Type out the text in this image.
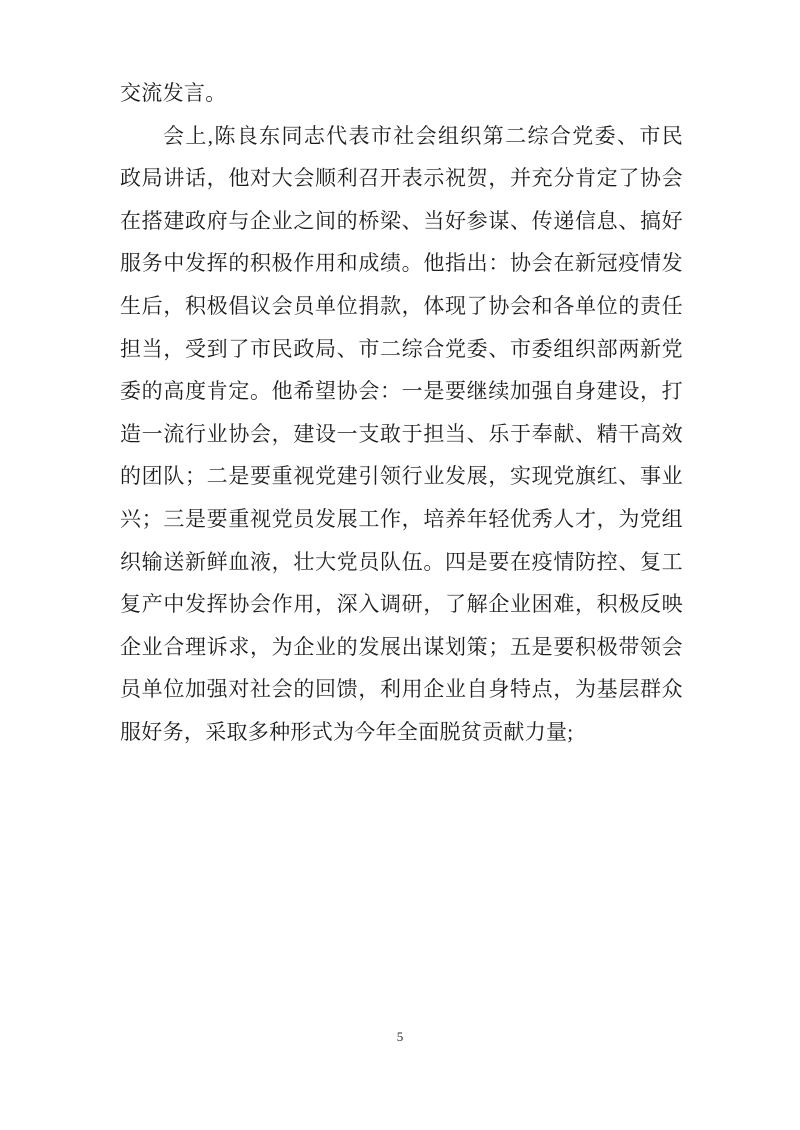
交流发言。
会上,陈良东同志代表市社会组织第二综合党委、市民
政局讲话，他对大会顺利召开表示祝贺，并充分肯定了协会
在搭建政府与企业之间的桥梁、当好参谋、传递信息、搞好
服务中发挥的积极作用和成绩。他指出：协会在新冠疫情发
生后，积极倡议会员单位捐款，体现了协会和各单位的责任
担当，受到了市民政局、市二综合党委、市委组织部两新党
委的高度肯定。他希望协会：一是要继续加强自身建设，打
造一流行业协会，建设一支敢于担当、乐于奉献、精干高效
的团队；二是要重视党建引领行业发展，实现党旗红、事业
兴；三是要重视党员发展工作，培养年轻优秀人才，为党组
织输送新鲜血液，壮大党员队伍。四是要在疫情防控、复工
复产中发挥协会作用，深入调研，了解企业困难，积极反映
企业合理诉求，为企业的发展出谋划策；五是要积极带领会
员单位加强对社会的回馈，利用企业自身特点，为基层群众
服好务，采取多种形式为今年全面脱贫贡献力量;
5
